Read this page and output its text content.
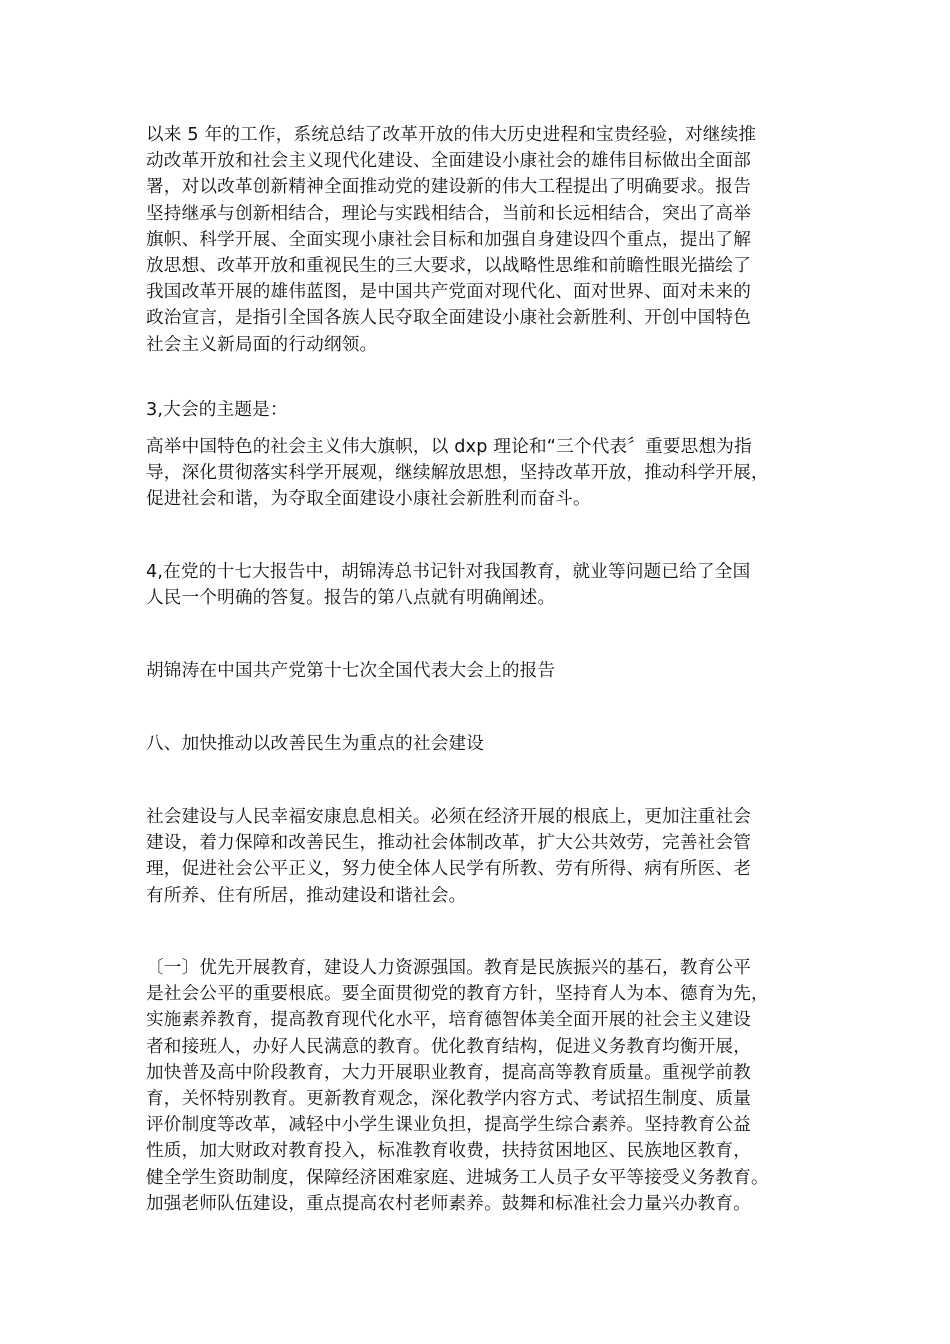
以来 5 年的工作，系统总结了改革开放的伟大历史进程和宝贵经验，对继续推
动改革开放和社会主义现代化建设、全面建设小康社会的雄伟目标做出全面部
署，对以改革创新精神全面推动党的建设新的伟大工程提出了明确要求。报告
坚持继承与创新相结合，理论与实践相结合，当前和长远相结合，突出了高举
旗帜、科学开展、全面实现小康社会目标和加强自身建设四个重点，提出了解
放思想、改革开放和重视民生的三大要求，以战略性思维和前瞻性眼光描绘了
我国改革开展的雄伟蓝图，是中国共产党面对现代化、面对世界、面对未来的
政治宣言，是指引全国各族人民夺取全面建设小康社会新胜利、开创中国特色
社会主义新局面的行动纲领。
3,大会的主题是：
高举中国特色的社会主义伟大旗帜，以 dxp 理论和“三个代表〞重要思想为指
导，深化贯彻落实科学开展观，继续解放思想，坚持改革开放，推动科学开展，
促进社会和谐，为夺取全面建设小康社会新胜利而奋斗。
4,在党的十七大报告中，胡锦涛总书记针对我国教育，就业等问题已给了全国
人民一个明确的答复。报告的第八点就有明确阐述。
胡锦涛在中国共产党第十七次全国代表大会上的报告
八、加快推动以改善民生为重点的社会建设
社会建设与人民幸福安康息息相关。必须在经济开展的根底上，更加注重社会
建设，着力保障和改善民生，推动社会体制改革，扩大公共效劳，完善社会管
理，促进社会公平正义，努力使全体人民学有所教、劳有所得、病有所医、老
有所养、住有所居，推动建设和谐社会。
〔一〕优先开展教育，建设人力资源强国。教育是民族振兴的基石，教育公平
是社会公平的重要根底。要全面贯彻党的教育方针，坚持育人为本、德育为先，
实施素养教育，提高教育现代化水平，培育德智体美全面开展的社会主义建设
者和接班人，办好人民满意的教育。优化教育结构，促进义务教育均衡开展，
加快普及高中阶段教育，大力开展职业教育，提高高等教育质量。重视学前教
育，关怀特别教育。更新教育观念，深化教学内容方式、考试招生制度、质量
评价制度等改革，减轻中小学生课业负担，提高学生综合素养。坚持教育公益
性质，加大财政对教育投入，标准教育收费，扶持贫困地区、民族地区教育，
健全学生资助制度，保障经济困难家庭、进城务工人员子女平等接受义务教育。
加强老师队伍建设，重点提高农村老师素养。鼓舞和标准社会力量兴办教育。
